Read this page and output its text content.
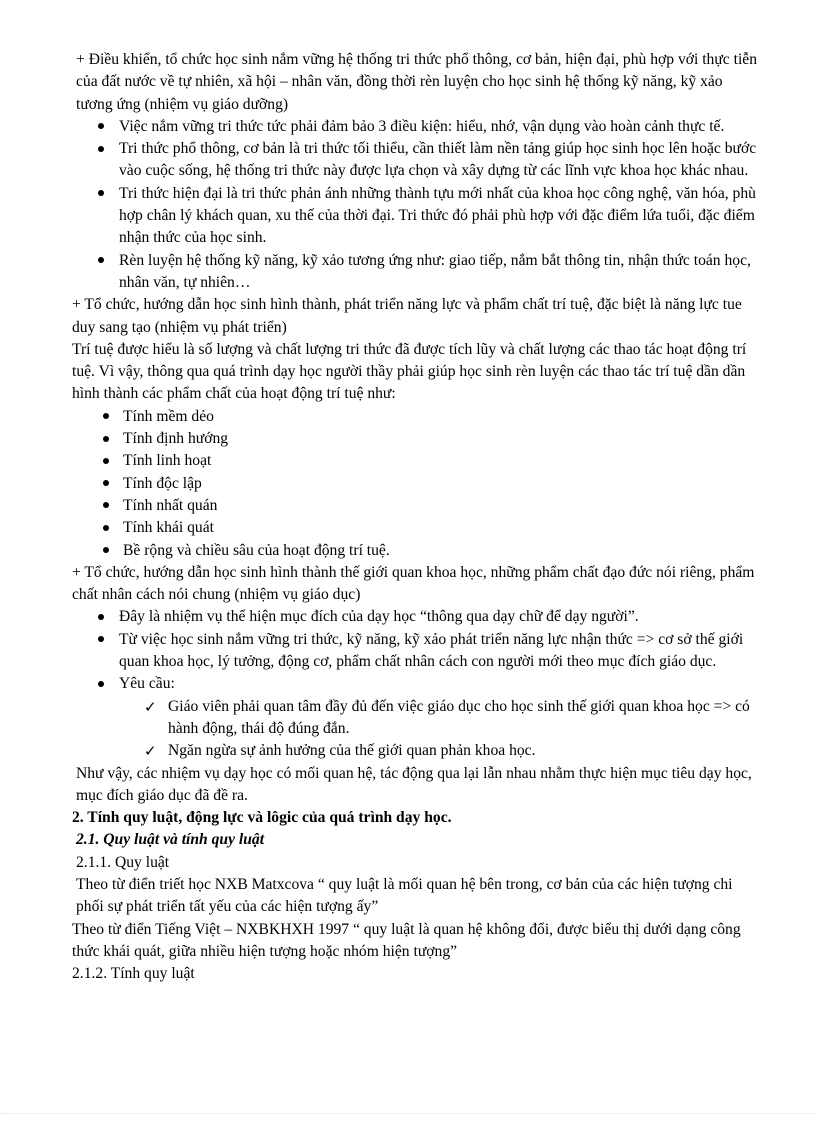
+ Điều khiển, tổ chức học sinh nắm vững hệ thống tri thức phổ thông, cơ bản, hiện đại, phù hợp với thực tiễn của đất nước về tự nhiên, xã hội – nhân văn, đồng thời rèn luyện cho học sinh hệ thống kỹ năng, kỹ xảo tương ứng (nhiệm vụ giáo dưỡng)

Việc nắm vững tri thức tức phải đảm bảo 3 điều kiện: hiểu, nhớ, vận dụng vào hoàn cảnh thực tế.
Tri thức phổ thông, cơ bản là tri thức tối thiểu, cần thiết làm nền tảng giúp học sinh học lên hoặc bước vào cuộc sống, hệ thống tri thức này được lựa chọn và xây dựng từ các lĩnh vực khoa học khác nhau.
Tri thức hiện đại là tri thức phản ánh những thành tựu mới nhất của khoa học công nghệ, văn hóa, phù hợp chân lý khách quan, xu thế của thời đại. Tri thức đó phải phù hợp với đặc điểm lứa tuổi, đặc điểm nhận thức của học sinh.
Rèn luyện hệ thống kỹ năng, kỹ xảo tương ứng như: giao tiếp, nắm bắt thông tin, nhận thức toán học, nhân văn, tự nhiên…

+ Tổ chức, hướng dẫn học sinh hình thành, phát triển năng lực và phẩm chất trí tuệ, đặc biệt là năng lực tue duy sang tạo (nhiệm vụ phát triển)

Trí tuệ được hiểu là số lượng và chất lượng tri thức đã được tích lũy và chất lượng các thao tác hoạt động trí tuệ. Vì vậy, thông qua quá trình dạy học người thầy phải giúp học sinh rèn luyện các thao tác trí tuệ dần dần hình thành các phẩm chất của hoạt động trí tuệ như:

Tính mềm dẻo
Tính định hướng
Tính linh hoạt
Tính độc lập
Tính nhất quán
Tính khái quát
Bề rộng và chiều sâu của hoạt động trí tuệ.

+ Tổ chức, hướng dẫn học sinh hình thành thế giới quan khoa học, những phẩm chất đạo đức nói riêng, phẩm chất nhân cách nói chung (nhiệm vụ giáo dục)

Đây là nhiệm vụ thể hiện mục đích của dạy học “thông qua dạy chữ để dạy người”.
Từ việc học sinh nắm vững tri thức, kỹ năng, kỹ xảo phát triển năng lực nhận thức => cơ sở thế giới quan khoa học, lý tưởng, động cơ, phẩm chất nhân cách con người mới theo mục đích giáo dục.
Yêu cầu:
✓ Giáo viên phải quan tâm đầy đủ đến việc giáo dục cho học sinh thế giới quan khoa học => có hành động, thái độ đúng đắn.
✓ Ngăn ngừa sự ảnh hưởng của thế giới quan phản khoa học.

Như vậy, các nhiệm vụ dạy học có mối quan hệ, tác động qua lại lẫn nhau nhằm thực hiện mục tiêu dạy học, mục đích giáo dục đã đề ra.

2. Tính quy luật, động lực và lôgic của quá trình dạy học.

2.1. Quy luật và tính quy luật

2.1.1. Quy luật

Theo từ điển triết học NXB Matxcova “ quy luật là mối quan hệ bên trong, cơ bản của các hiện tượng chi phối sự phát triển tất yếu của các hiện tượng ấy”

Theo từ điển Tiếng Việt – NXBKHXH 1997 “ quy luật là quan hệ không đổi, được biểu thị dưới dạng công thức khái quát, giữa nhiều hiện tượng hoặc nhóm hiện tượng”

2.1.2. Tính quy luật
